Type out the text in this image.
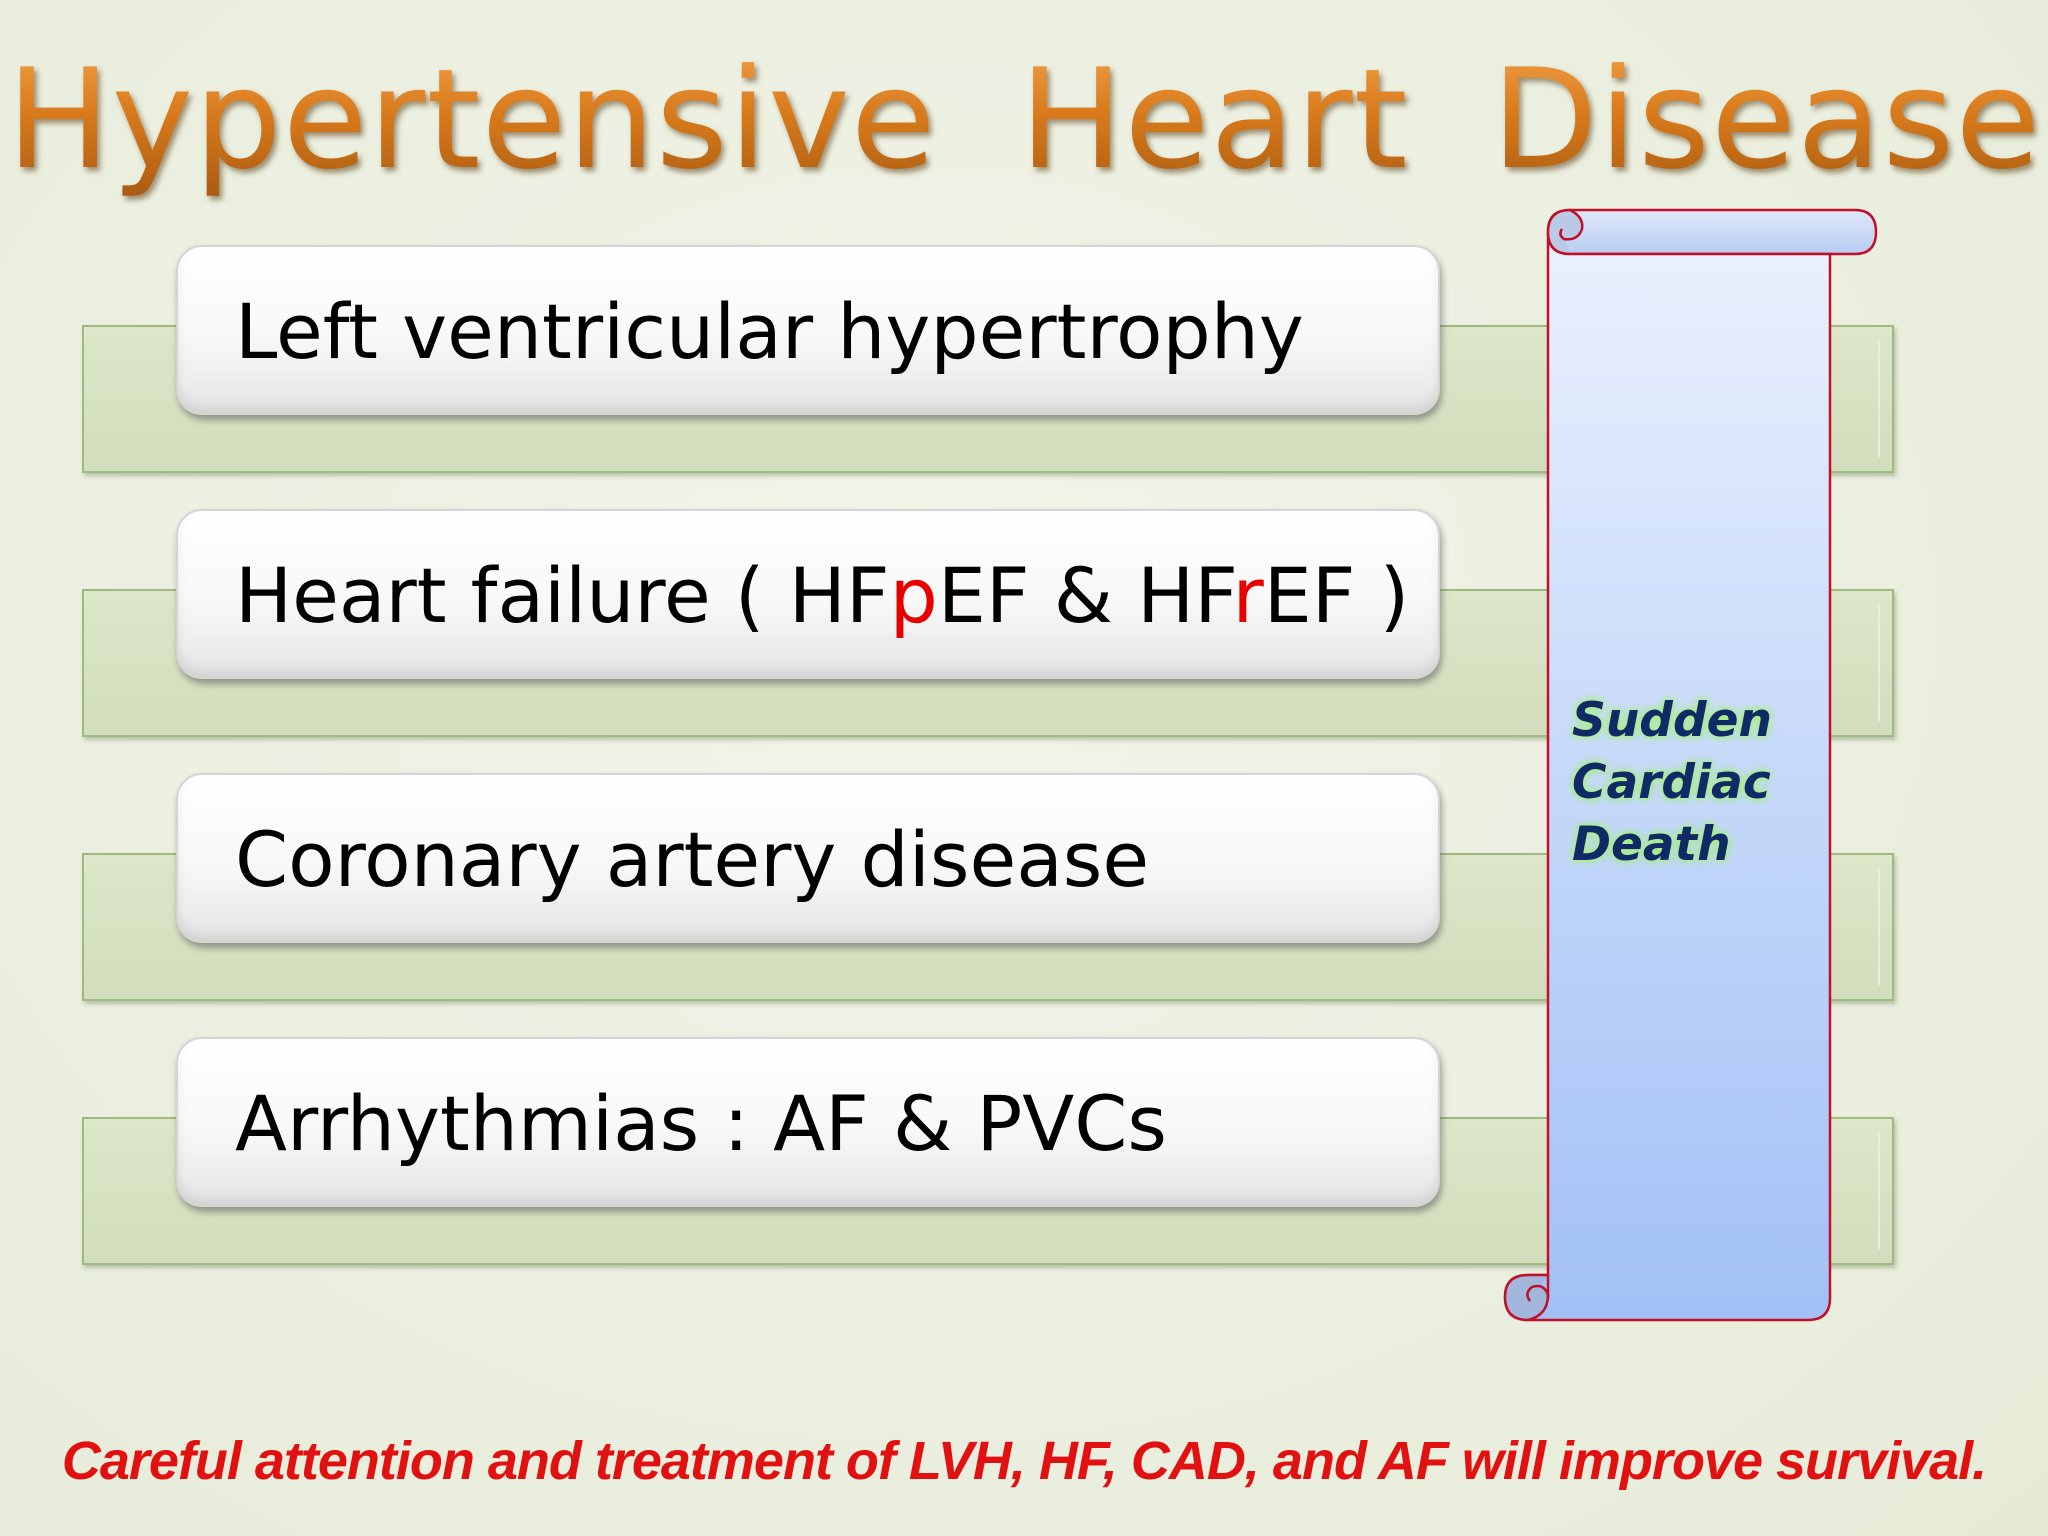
Hypertensive Heart Disease
Left ventricular hypertrophy
Heart failure ( HFpEF & HFrEF )
Coronary artery disease
Arrhythmias : AF & PVCs
Sudden
Cardiac
Death
Careful attention and treatment of LVH, HF, CAD, and AF will improve survival.
